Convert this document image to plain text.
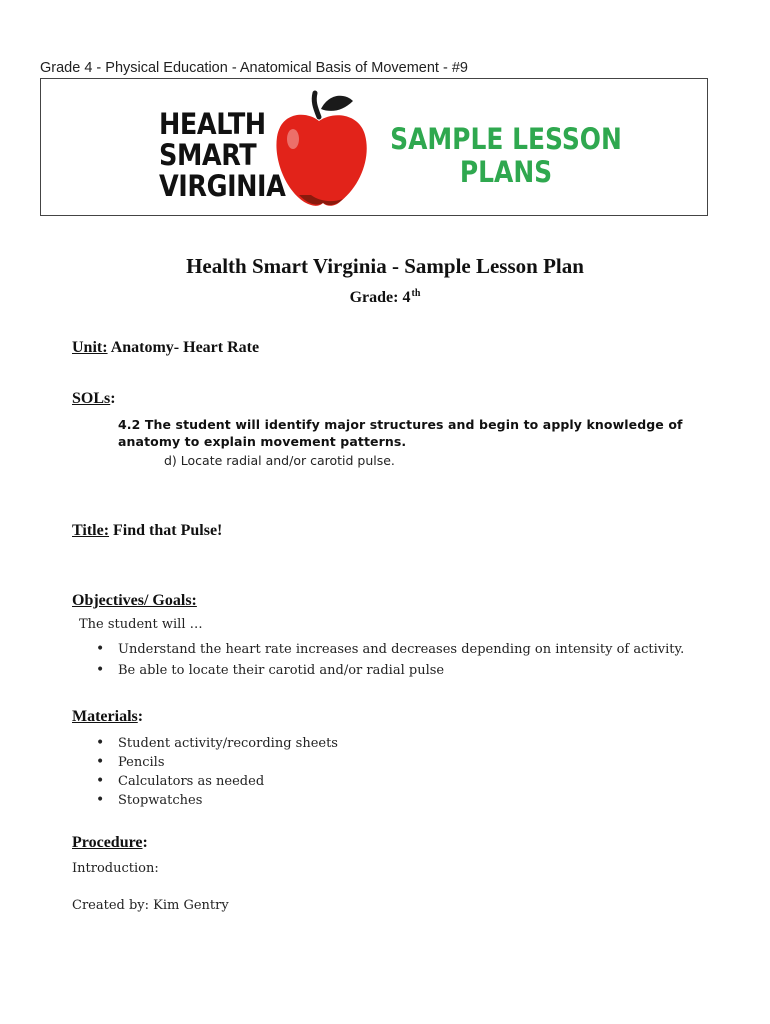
Grade 4 - Physical Education - Anatomical Basis of Movement - #9
HEALTH
SMART
VIRGINIA
SAMPLE LESSON
PLANS
Health Smart Virginia - Sample Lesson Plan
Grade: 4th
Unit: Anatomy- Heart Rate
SOLs:
4.2 The student will identify major structures and begin to apply knowledge of
anatomy to explain movement patterns.
d) Locate radial and/or carotid pulse.
Title: Find that Pulse!
Objectives/ Goals:
The student will …
• Understand the heart rate increases and decreases depending on intensity of activity.
• Be able to locate their carotid and/or radial pulse
Materials:
• Student activity/recording sheets
• Pencils
• Calculators as needed
• Stopwatches
Procedure:
Introduction:
Created by: Kim Gentry
